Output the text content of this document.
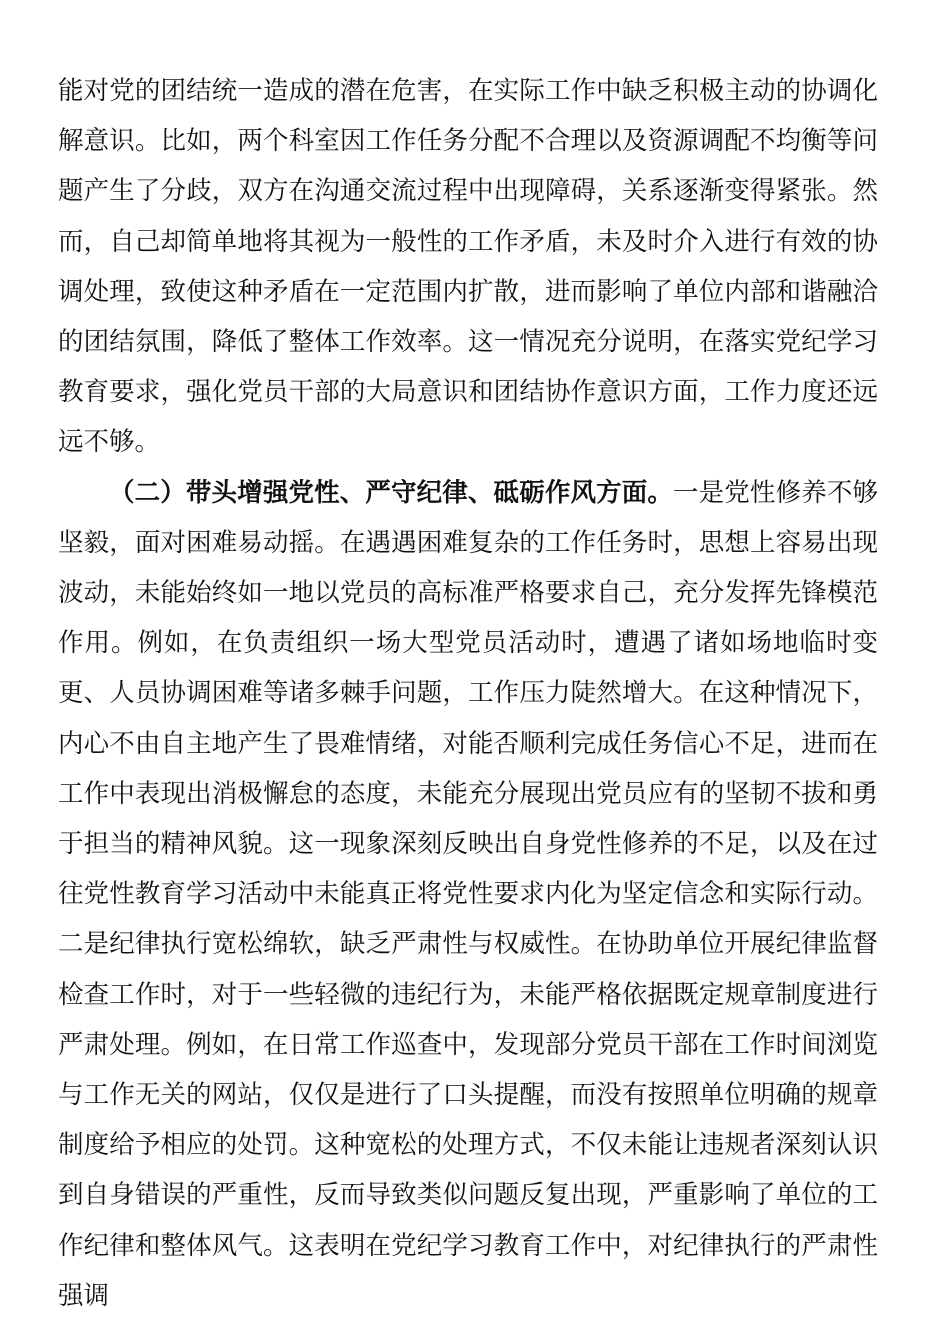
能对党的团结统一造成的潜在危害，在实际工作中缺乏积极主动的协调化解意识。比如，两个科室因工作任务分配不合理以及资源调配不均衡等问题产生了分歧，双方在沟通交流过程中出现障碍，关系逐渐变得紧张。然而，自己却简单地将其视为一般性的工作矛盾，未及时介入进行有效的协调处理，致使这种矛盾在一定范围内扩散，进而影响了单位内部和谐融洽的团结氛围，降低了整体工作效率。这一情况充分说明，在落实党纪学习教育要求，强化党员干部的大局意识和团结协作意识方面，工作力度还远远不够。

（二）带头增强党性、严守纪律、砥砺作风方面。一是党性修养不够坚毅，面对困难易动摇。在遇遇困难复杂的工作任务时，思想上容易出现波动，未能始终如一地以党员的高标准严格要求自己，充分发挥先锋模范作用。例如，在负责组织一场大型党员活动时，遭遇了诸如场地临时变更、人员协调困难等诸多棘手问题，工作压力陡然增大。在这种情况下，内心不由自主地产生了畏难情绪，对能否顺利完成任务信心不足，进而在工作中表现出消极懈怠的态度，未能充分展现出党员应有的坚韧不拔和勇于担当的精神风貌。这一现象深刻反映出自身党性修养的不足，以及在过往党性教育学习活动中未能真正将党性要求内化为坚定信念和实际行动。二是纪律执行宽松绵软，缺乏严肃性与权威性。在协助单位开展纪律监督检查工作时，对于一些轻微的违纪行为，未能严格依据既定规章制度进行严肃处理。例如，在日常工作巡查中，发现部分党员干部在工作时间浏览与工作无关的网站，仅仅是进行了口头提醒，而没有按照单位明确的规章制度给予相应的处罚。这种宽松的处理方式，不仅未能让违规者深刻认识到自身错误的严重性，反而导致类似问题反复出现，严重影响了单位的工作纪律和整体风气。这表明在党纪学习教育工作中，对纪律执行的严肃性强调
